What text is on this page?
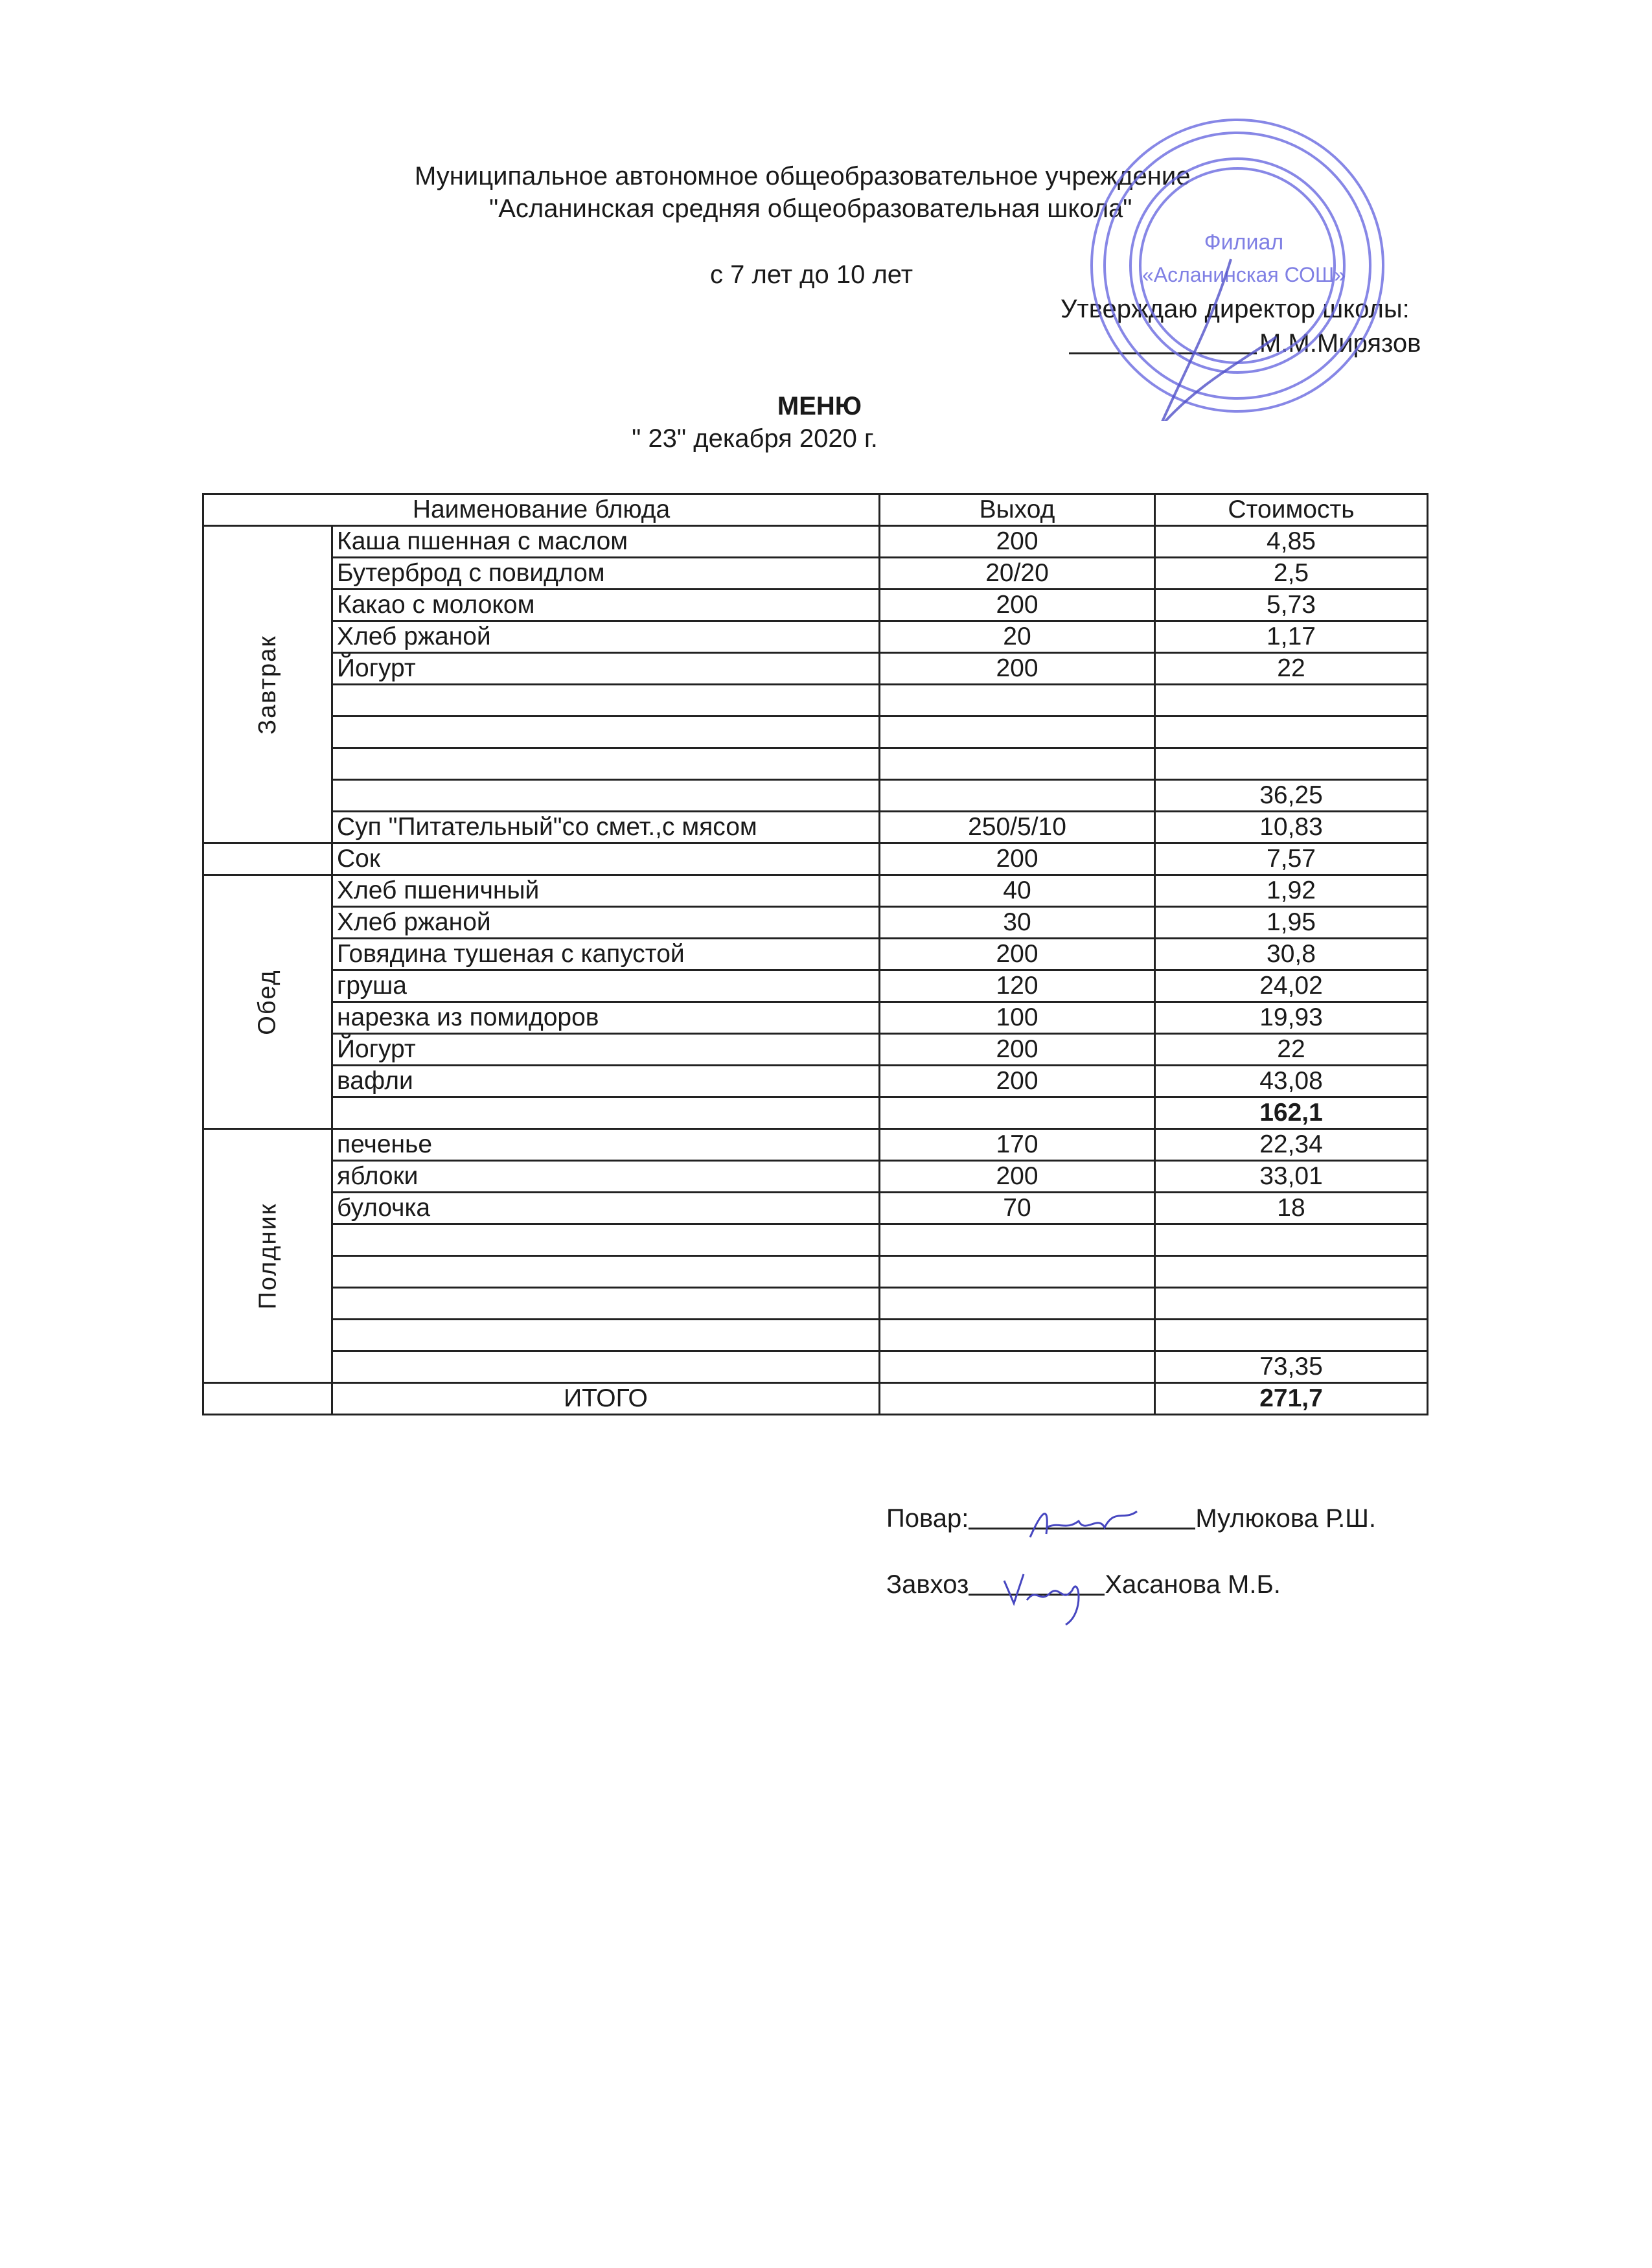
Муниципальное автономное общеобразовательное учреждение
"Асланинская средняя общеобразовательная школа"
с 7 лет до 10 лет
Утверждаю директор школы:
М.М.Мирязов
Филиал
«Асланинская СОШ»
МЕНЮ
" 23" декабря 2020 г.
Наименование блюда		Выход	Стоимость
Завтрак	Каша пшенная с маслом	200	4,85
	Бутерброд с повидлом	20/20	2,5
	Какао с молоком	200	5,73
	Хлеб ржаной	20	1,17
	Йогурт	200	22

			36,25
	Суп "Питательный"со смет.,с мясом	250/5/10	10,83
	Сок	200	7,57
Обед	Хлеб пшеничный	40	1,92
	Хлеб ржаной	30	1,95
	Говядина тушеная с капустой	200	30,8
	груша	120	24,02
	нарезка из помидоров	100	19,93
	Йогурт	200	22
	вафли	200	43,08
			162,1
Полдник	печенье	170	22,34
	яблоки	200	33,01
	булочка	70	18

			73,35
	ИТОГО		271,7
Повар:	Мулюкова Р.Ш.
Завхоз	Хасанова М.Б.
